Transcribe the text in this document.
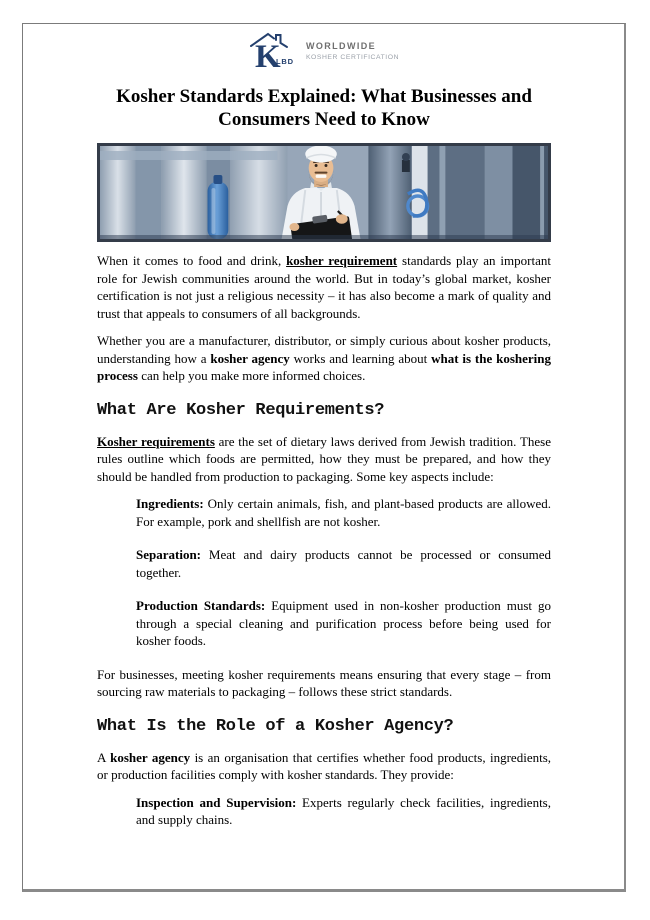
K
LBD
WORLDWIDE
KOSHER CERTIFICATION
Kosher Standards Explained: What Businesses and Consumers Need to Know

When it comes to food and drink, kosher requirement standards play an important role for Jewish communities around the world. But in today’s global market, kosher certification is not just a religious necessity – it has also become a mark of quality and trust that appeals to consumers of all backgrounds.

Whether you are a manufacturer, distributor, or simply curious about kosher products, understanding how a kosher agency works and learning about what is the koshering process can help you make more informed choices.

What Are Kosher Requirements?

Kosher requirements are the set of dietary laws derived from Jewish tradition. These rules outline which foods are permitted, how they must be prepared, and how they should be handled from production to packaging. Some key aspects include:

Ingredients: Only certain animals, fish, and plant-based products are allowed. For example, pork and shellfish are not kosher.

Separation: Meat and dairy products cannot be processed or consumed together.

Production Standards: Equipment used in non-kosher production must go through a special cleaning and purification process before being used for kosher foods.

For businesses, meeting kosher requirements means ensuring that every stage – from sourcing raw materials to packaging – follows these strict standards.

What Is the Role of a Kosher Agency?

A kosher agency is an organisation that certifies whether food products, ingredients, or production facilities comply with kosher standards. They provide:

Inspection and Supervision: Experts regularly check facilities, ingredients, and supply chains.
